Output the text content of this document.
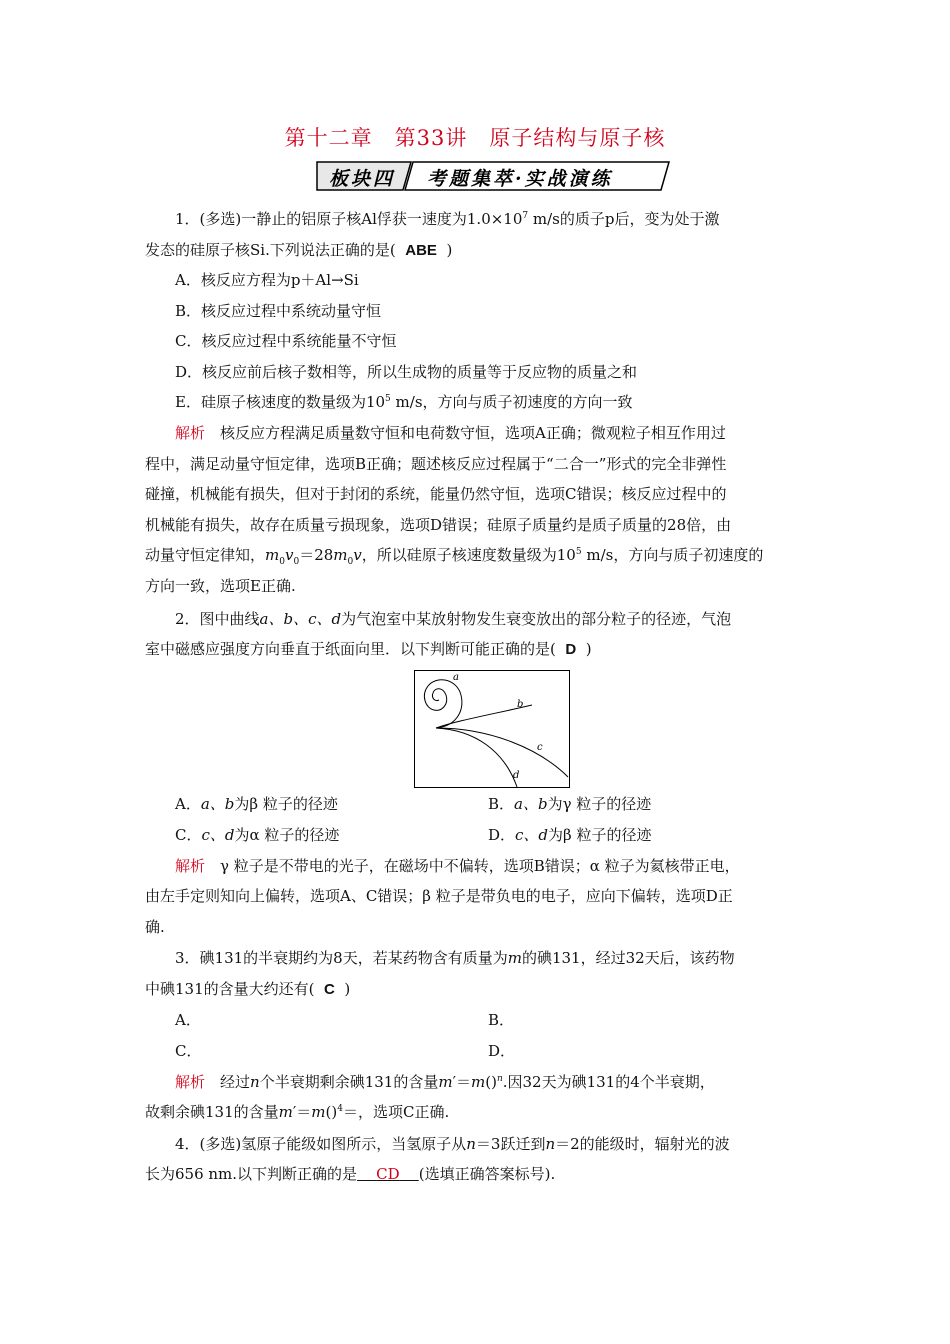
第十二章　第33讲　原子结构与原子核
板块四 考题集萃·实战演练
1．(多选)一静止的铝原子核Al俘获一速度为$1.0\times 10^7$ m/s的质子p后，变为处于激
发态的硅原子核Si.下列说法正确的是( ABE )
A．核反应方程为p＋Al→Si
B．核反应过程中系统动量守恒
C．核反应过程中系统能量不守恒
D．核反应前后核子数相等，所以生成物的质量等于反应物的质量之和
E．硅原子核速度的数量级为$10^5$ m/s，方向与质子初速度的方向一致
解析　核反应方程满足质量数守恒和电荷数守恒，选项A正确；微观粒子相互作用过
程中，满足动量守恒定律，选项B正确；题述核反应过程属于“二合一”形式的完全非弹性
碰撞，机械能有损失，但对于封闭的系统，能量仍然守恒，选项C错误；核反应过程中的
机械能有损失，故存在质量亏损现象，选项D错误；硅原子质量约是质子质量的28倍，由
动量守恒定律知，$m_0v_0=28m_0v$，所以硅原子核速度数量级为$10^5$ m/s，方向与质子初速度的
方向一致，选项E正确.
2．图中曲线a、b、c、d为气泡室中某放射物发生衰变放出的部分粒子的径迹，气泡
室中磁感应强度方向垂直于纸面向里．以下判断可能正确的是( D )
a
b
c
d
A．a、b为β 粒子的径迹	B．a、b为γ 粒子的径迹
C．c、d为α 粒子的径迹	D．c、d为β 粒子的径迹
解析　γ 粒子是不带电的光子，在磁场中不偏转，选项B错误；α 粒子为氦核带正电，
由左手定则知向上偏转，选项A、C错误；β 粒子是带负电的电子，应向下偏转，选项D正
确.
3．碘131的半衰期约为8天，若某药物含有质量为m的碘131，经过32天后，该药物
中碘131的含量大约还有( C )
A．	B．
C．	D．
解析　经过n个半衰期剩余碘131的含量m′＝m()$^n$.因32天为碘131的4个半衰期，
故剩余碘131的含量m′＝m()$^4$＝，选项C正确.
4．(多选)氢原子能级如图所示，当氢原子从n＝3跃迁到n＝2的能级时，辐射光的波
长为656 nm.以下判断正确的是 CD (选填正确答案标号).
